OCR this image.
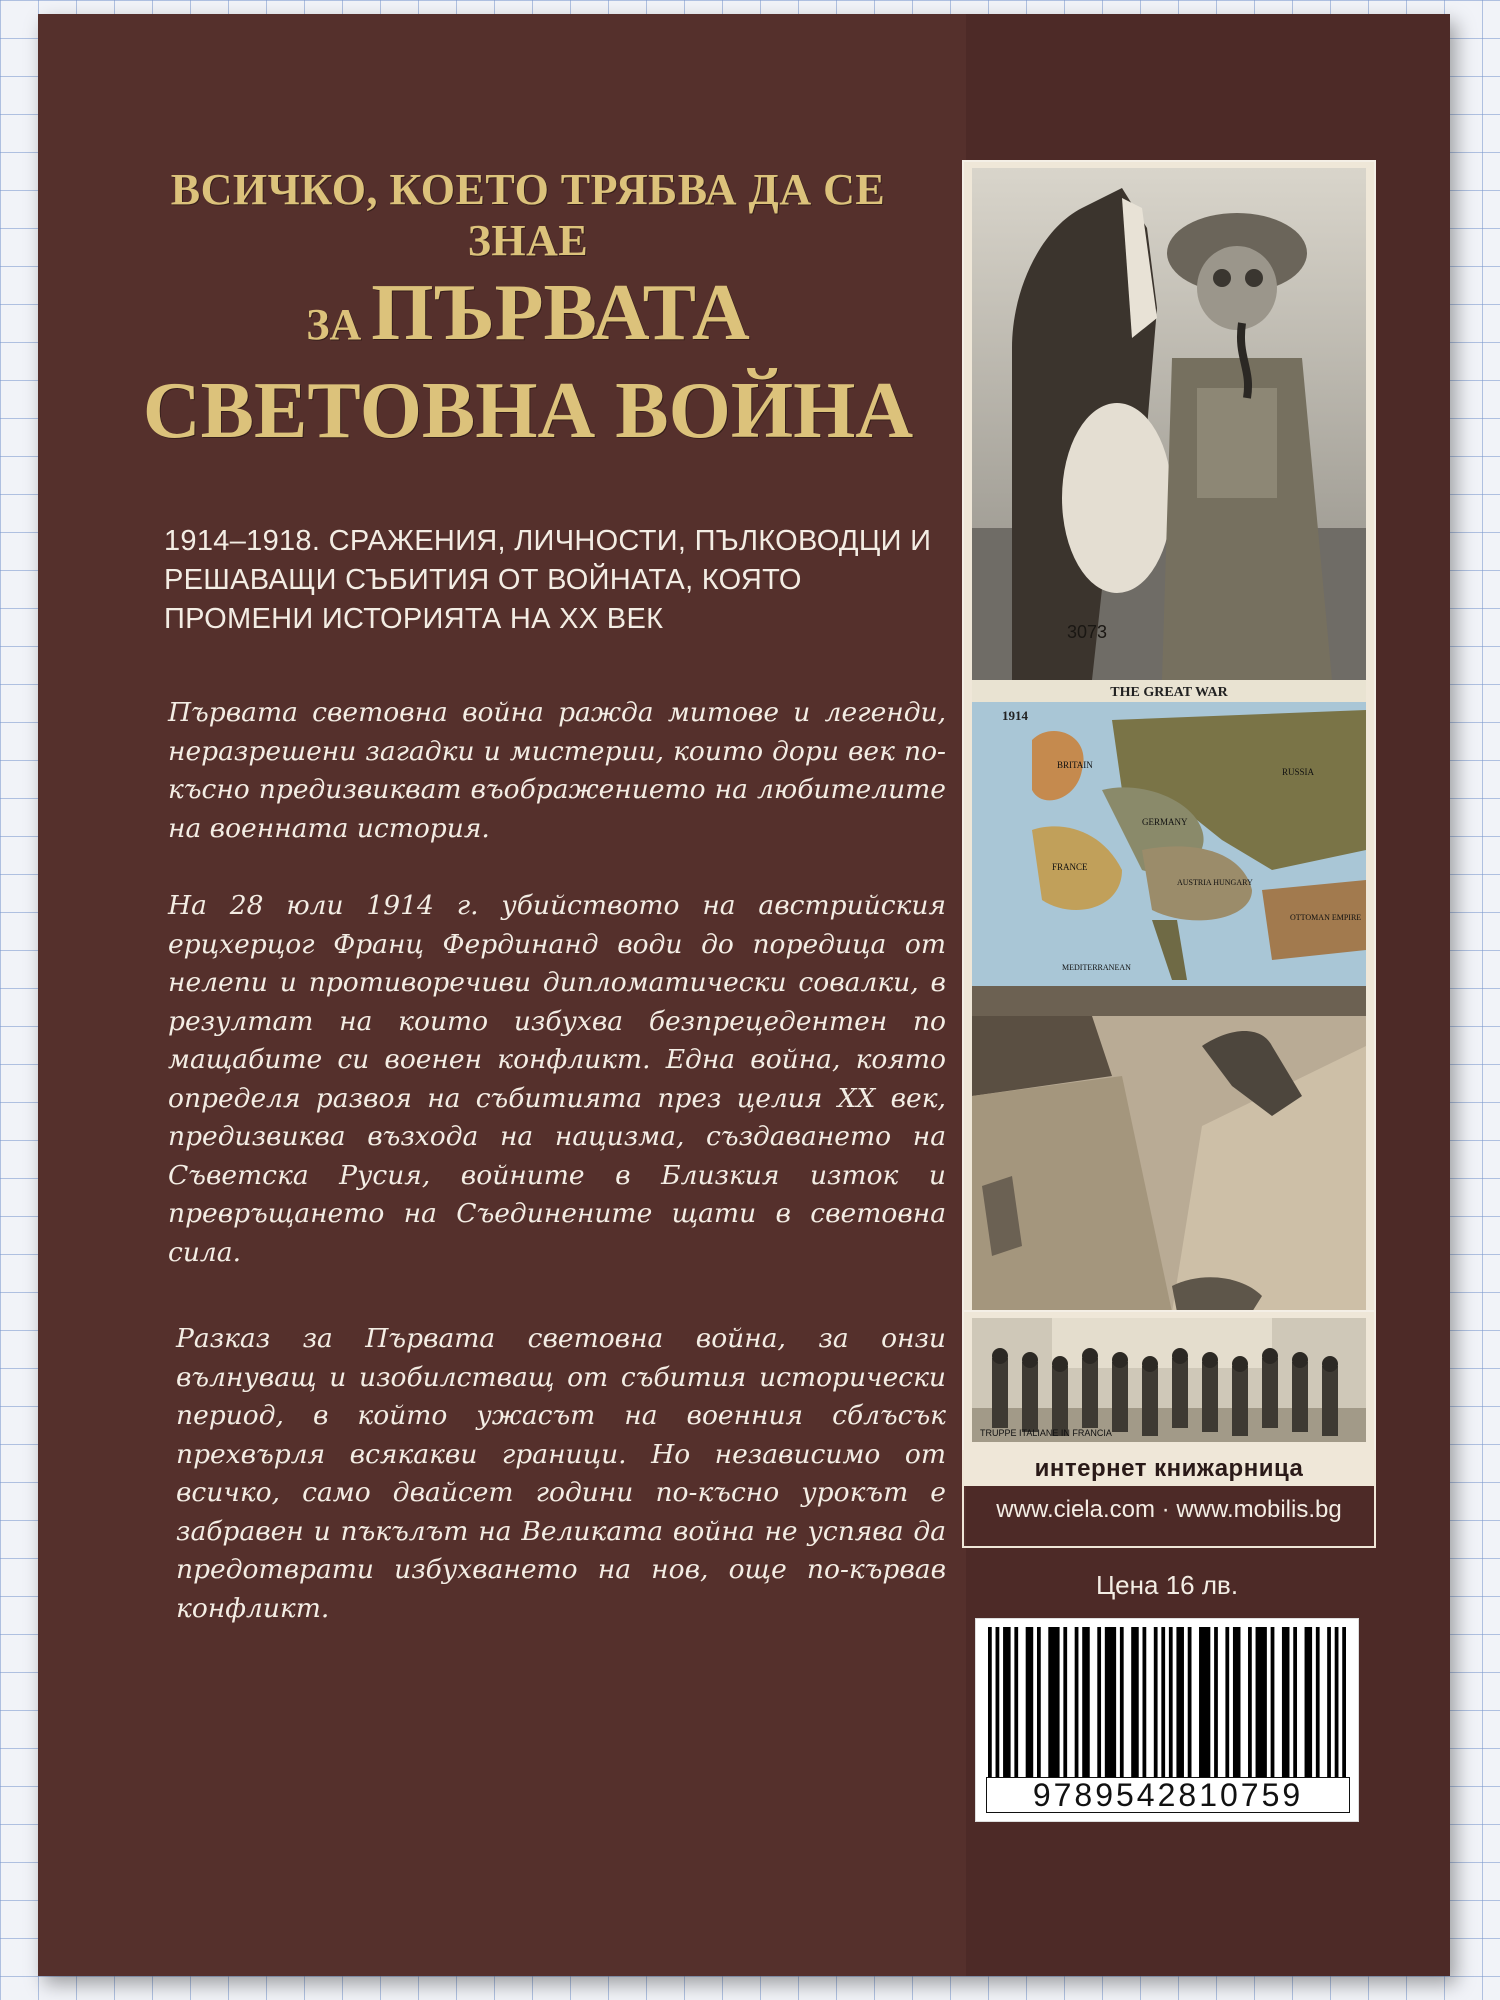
ВСИЧКО, КОЕТО ТРЯБВА ДА СЕ ЗНАЕ
ЗА ПЪРВАТА
СВЕТОВНА ВОЙНА
1914–1918. СРАЖЕНИЯ, ЛИЧНОСТИ, ПЪЛКОВОДЦИ И РЕШАВАЩИ СЪБИТИЯ ОТ ВОЙНАТА, КОЯТО ПРОМЕНИ ИСТОРИЯТА НА ХХ ВЕК
Първата световна война ражда митове и легенди, неразрешени загадки и мистерии, които дори век по-късно предизвикват въображението на любителите на военната история.
На 28 юли 1914 г. убийството на австрийския ерцхерцог Франц Фердинанд води до поредица от нелепи и противоречиви дипломатически совалки, в резултат на които избухва безпрецедентен по мащабите си военен конфликт. Една война, която определя развоя на събитията през целия ХХ век, предизвиква възхода на нацизма, създаването на Съветска Русия, войните в Близкия изток и превръщането на Съединените щати в световна сила.
Разказ за Първата световна война, за онзи вълнуващ и изобилстващ от събития исторически период, в който ужасът на военния сблъсък прехвърля всякакви граници. Но независимо от всичко, само двайсет години по-късно урокът е забравен и пъкълът на Великата война не успява да предотврати избухването на нов, още по-кървав конфликт.
3073
THE GREAT WAR
1914
BRITAIN
RUSSIA
GERMANY
FRANCE
AUSTRIA HUNGARY
OTTOMAN EMPIRE
MEDITERRANEAN
TRUPPE ITALIANE IN FRANCIA
интернет книжарница
www.ciela.com · www.mobilis.bg
Цена 16 лв.
9789542810759
